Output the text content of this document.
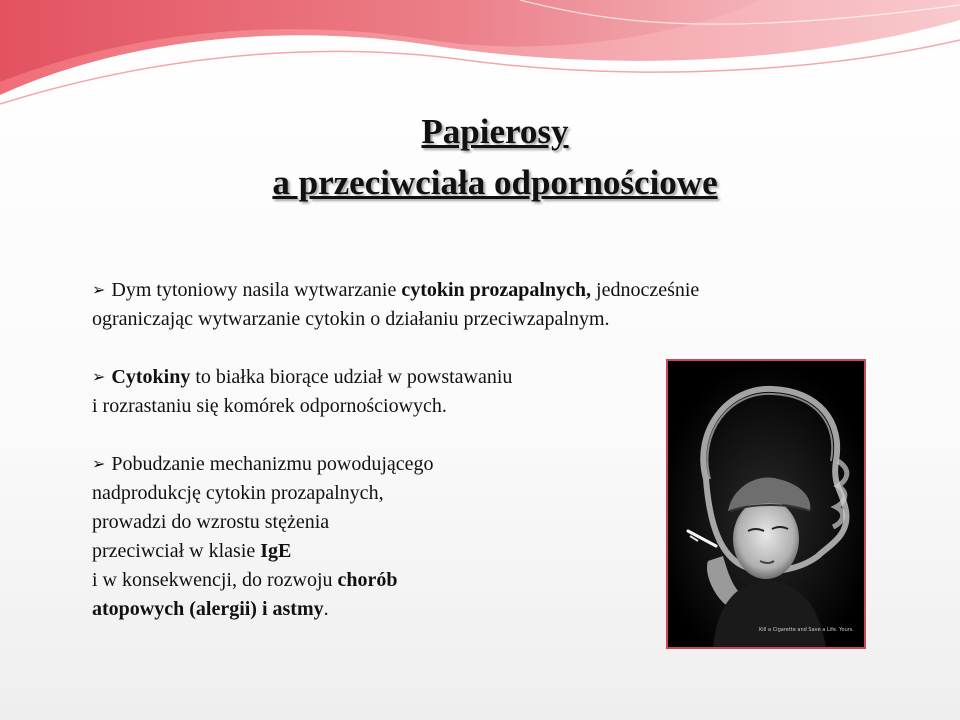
Papierosy
a przeciwciała odpornościowe
➢ Dym tytoniowy nasila wytwarzanie cytokin prozapalnych, jednocześnie
ograniczając wytwarzanie cytokin o działaniu przeciwzapalnym.
➢ Cytokiny to białka biorące udział w powstawaniu
i rozrastaniu się komórek odpornościowych.
➢ Pobudzanie mechanizmu powodującego
nadprodukcję cytokin prozapalnych,
prowadzi do wzrostu stężenia
przeciwciał w klasie IgE
i w konsekwencji, do rozwoju chorób
atopowych (alergii) i astmy.
Kill a Cigarette and Save a Life. Yours.
